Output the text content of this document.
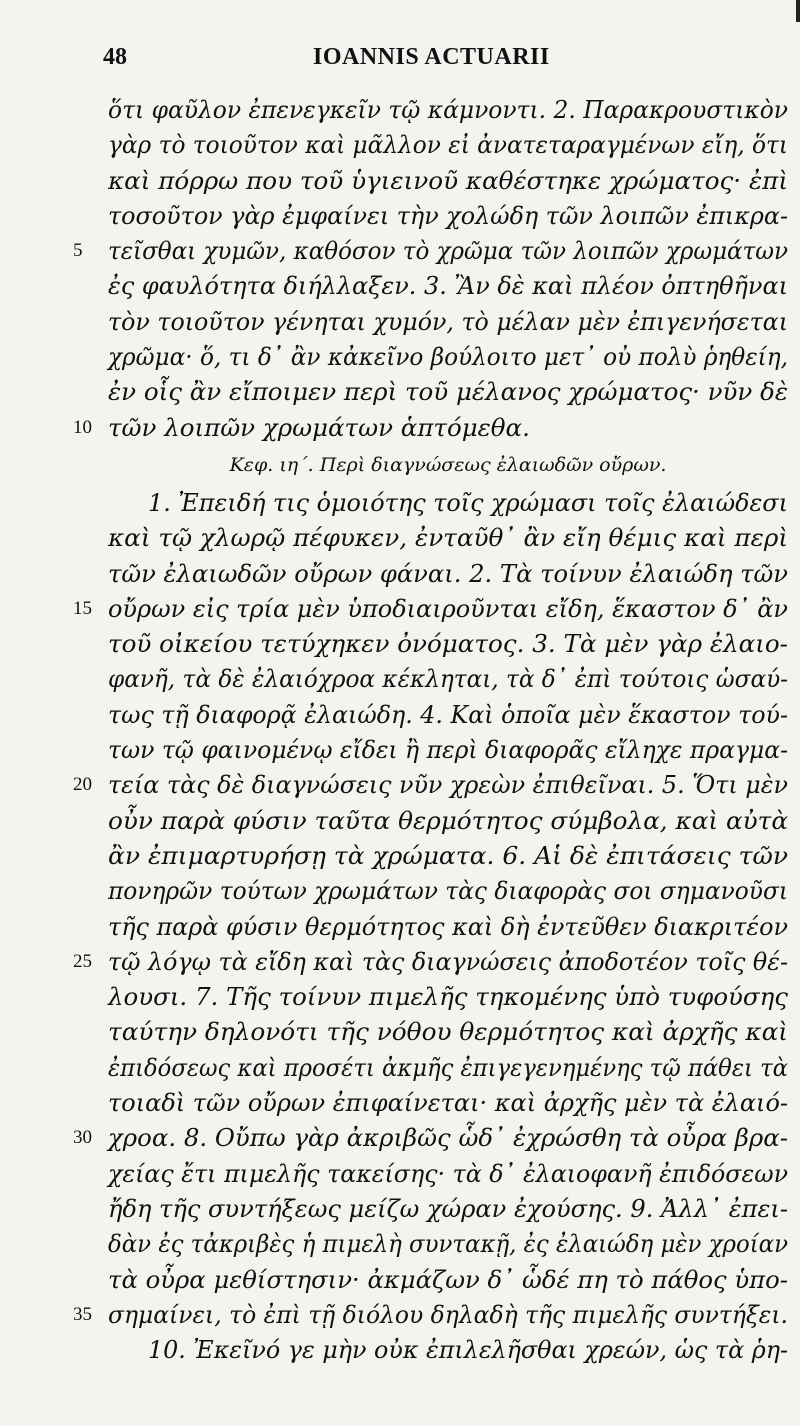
48	IOANNIS ACTUARII
ὅτι φαῦλον ἐπενεγκεῖν τῷ κάμνοντι. 2. Παρακρουστικὸν
γὰρ τὸ τοιοῦτον καὶ μᾶλλον εἰ ἀνατεταραγμένων εἴη, ὅτι
καὶ πόρρω που τοῦ ὑγιεινοῦ καθέστηκε χρώματος· ἐπὶ
τοσοῦτον γὰρ ἐμφαίνει τὴν χολώδη τῶν λοιπῶν ἐπικρα-
5 τεῖσθαι χυμῶν, καθόσον τὸ χρῶμα τῶν λοιπῶν χρωμάτων
ἐς φαυλότητα διήλλαξεν. 3. Ἂν δὲ καὶ πλέον ὀπτηθῆναι
τὸν τοιοῦτον γένηται χυμόν, τὸ μέλαν μὲν ἐπιγενήσεται
χρῶμα· ὅ, τι δ᾽ ἂν κἀκεῖνο βούλοιτο μετ᾽ οὐ πολὺ ῥηθείη,
ἐν οἷς ἂν εἴποιμεν περὶ τοῦ μέλανος χρώματος· νῦν δὲ
10 τῶν λοιπῶν χρωμάτων ἁπτόμεθα.
Κεφ. ιη΄. Περὶ διαγνώσεως ἐλαιωδῶν οὔρων.
1. Ἐπειδή τις ὁμοιότης τοῖς χρώμασι τοῖς ἐλαιώδεσι
καὶ τῷ χλωρῷ πέφυκεν, ἐνταῦθ᾽ ἂν εἴη θέμις καὶ περὶ
τῶν ἐλαιωδῶν οὔρων φάναι. 2. Τὰ τοίνυν ἐλαιώδη τῶν
15 οὔρων εἰς τρία μὲν ὑποδιαιροῦνται εἴδη, ἕκαστον δ᾽ ἂν
τοῦ οἰκείου τετύχηκεν ὀνόματος. 3. Τὰ μὲν γὰρ ἐλαιο-
φανῆ, τὰ δὲ ἐλαιόχροα κέκληται, τὰ δ᾽ ἐπὶ τούτοις ὡσαύ-
τως τῇ διαφορᾷ ἐλαιώδη. 4. Καὶ ὁποῖα μὲν ἕκαστον τού-
των τῷ φαινομένῳ εἴδει ἢ περὶ διαφορᾶς εἴληχε πραγμα-
20 τεία τὰς δὲ διαγνώσεις νῦν χρεὼν ἐπιθεῖναι. 5. Ὅτι μὲν
οὖν παρὰ φύσιν ταῦτα θερμότητος σύμβολα, καὶ αὐτὰ
ἂν ἐπιμαρτυρήσῃ τὰ χρώματα. 6. Αἱ δὲ ἐπιτάσεις τῶν
πονηρῶν τούτων χρωμάτων τὰς διαφορὰς σοι σημανοῦσι
τῆς παρὰ φύσιν θερμότητος καὶ δὴ ἐντεῦθεν διακριτέον
25 τῷ λόγῳ τὰ εἴδη καὶ τὰς διαγνώσεις ἀποδοτέον τοῖς θέ-
λουσι. 7. Τῆς τοίνυν πιμελῆς τηκομένης ὑπὸ τυφούσης
ταύτην δηλονότι τῆς νόθου θερμότητος καὶ ἀρχῆς καὶ
ἐπιδόσεως καὶ προσέτι ἀκμῆς ἐπιγεγενημένης τῷ πάθει τὰ
τοιαδὶ τῶν οὔρων ἐπιφαίνεται· καὶ ἀρχῆς μὲν τὰ ἐλαιό-
30 χροα. 8. Οὔπω γὰρ ἀκριβῶς ὧδ᾽ ἐχρώσθη τὰ οὖρα βρα-
χείας ἔτι πιμελῆς τακείσης· τὰ δ᾽ ἐλαιοφανῆ ἐπιδόσεων
ἤδη τῆς συντήξεως μείζω χώραν ἐχούσης. 9. Ἀλλ᾽ ἐπει-
δὰν ἐς τἀκριβὲς ἡ πιμελὴ συντακῇ, ἐς ἐλαιώδη μὲν χροίαν
τὰ οὖρα μεθίστησιν· ἀκμάζων δ᾽ ὧδέ πη τὸ πάθος ὑπο-
35 σημαίνει, τὸ ἐπὶ τῇ διόλου δηλαδὴ τῆς πιμελῆς συντήξει.
10. Ἐκεῖνό γε μὴν οὐκ ἐπιλελῆσθαι χρεών, ὡς τὰ ῥη-
